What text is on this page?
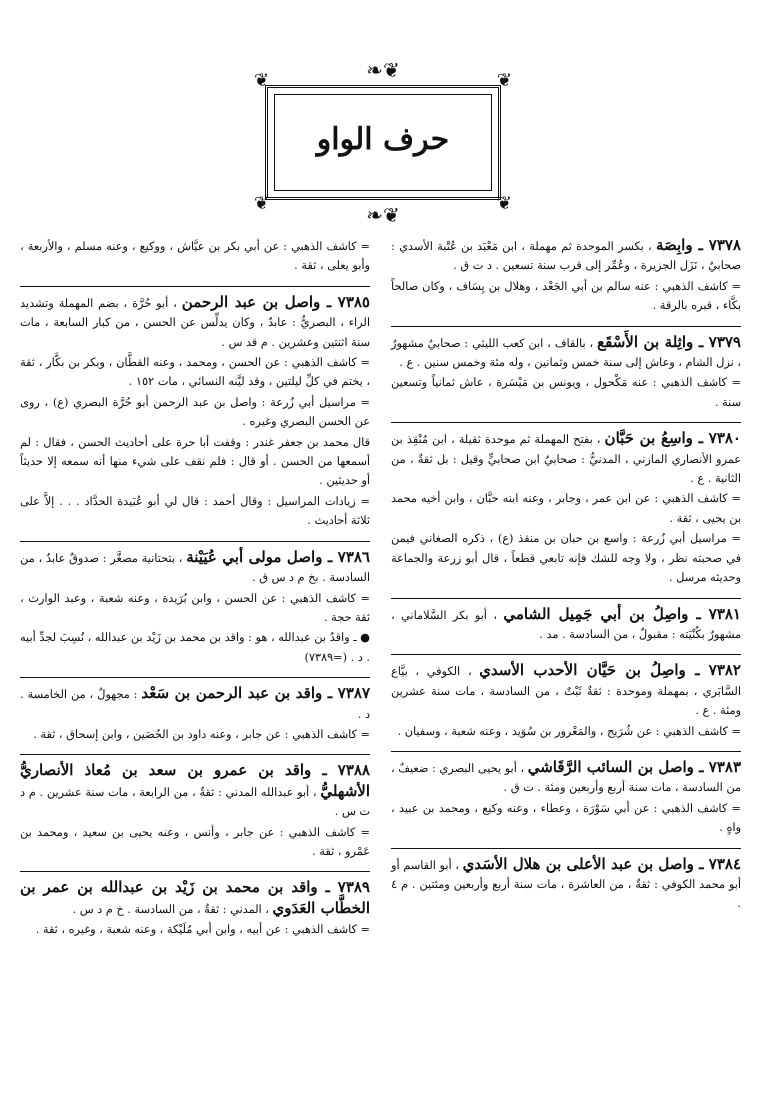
❦	❦
❦	❦
❧❦
❧❦
حرف الواو

٧٣٧٨ ـ وابِصَة ، بكسر الموحدة ثم مهملة ، ابن مَعْبَد بن عُتْبة الأسدي : صحابيٌ ، نَزَل الجزيرة ، وعُمِّر إلى قرب سنة تسعين . د ت ق .

= كاشف الذهبي : عنه سالم بن أبي الجَعْد ، وهلال بن يِسَاف ، وكان صالحاً بكَّاء ، قبره بالرقة .

٧٣٧٩ ـ واثِلة بن الأَسْقَع ، بالقاف ، ابن كعب الليثي : صحابيٌ مشهورٌ ، نزل الشام ، وعاش إلى سنة خمس وثمانين ، وله مئة وخمس سنين . ع .

= كاشف الذهبي : عنه مَكْحول ، ويونس بن مَيْسَرة ، عاش ثمانياً وتسعين سنة .

٧٣٨٠ ـ واسِعُ بن حَبَّان ، بفتح المهملة ثم موحدة ثقيلة ، ابن مُنْقِذ بن عمرو الأنصاري المازني ، المدنيُّ : صحابيٌ ابن صحابيٍّ وقيل : بل ثقةٌ ، من الثانية . ع .

= كاشف الذهبي : عن ابن عمر ، وجابر ، وعنه ابنه حبَّان ، وابن أخيه محمد بن يحيى ، ثقة .

= مراسيل أبي زُرعة : واسع بن حبان بن منقذ (ع) ، ذكره الصغاني فيمن في صحبته نظر ، ولا وجه للشك فإنه تابعي قطعاً ، قال أبو زرعة والجماعة وحديثه مرسل .

٧٣٨١ ـ واصِلُ بن أبي جَمِيل الشامي ، أبو بكر السَّلاماني ، مشهورٌ بكُنْيَته : مقبولٌ ، من السادسة . مد .

٧٣٨٢ ـ واصِلُ بن حَيَّان الأحدب الأسدي ، الكوفي ، بيَّاع السَّابَري ، بمهملة وموحدة : ثقةٌ ثَبْتٌ ، من السادسة ، مات سنة عشرين ومئة . ع .

= كاشف الذهبي : عن شُرَيح ، والمَعْرور بن سُوَيد ، وعنه شعبة ، وسفيان .

٧٣٨٣ ـ واصل بن السائب الرَّقَاشي ، أبو يحيى البصري : ضعيفٌ ، من السادسة ، مات سنة أربع وأربعين ومئة . ت ق .

= كاشف الذهبي : عن أبي سَوْرَة ، وعطاء ، وعنه وكيع ، ومحمد بن عبيد ، واهٍ .

٧٣٨٤ ـ واصل بن عبد الأعلى بن هلال الأسَدي ، أبو القاسم أو أبو محمد الكوفي : ثقةٌ ، من العاشرة ، مات سنة أربع وأربعين ومئتين . م ٤ .

= كاشف الذهبي : عن أبي بكر بن عيَّاش ، ووكيع ، وعنه مسلم ، والأربعة ، وأبو يعلى ، ثقة .

٧٣٨٥ ـ واصل بن عبد الرحمن ، أبو حُرَّة ، بضم المهملة وتشديد الراء ، البصريُّ : عابدٌ ، وكان يدلِّس عن الحسن ، من كبار السابعة ، مات سنة اثنتين وعشرين . م قد س .

= كاشف الذهبي : عن الحسن ، ومحمد ، وعنه القطَّان ، وبكر بن بكَّار ، ثقة ، يختم في كلِّ ليلتين ، وقد ليَّنه النسائي ، مات ١٥٢ .

= مراسيل أبي زُرعة : واصل بن عبد الرحمن أبو حُرَّة البصري (ع) ، روى عن الحسن البصري وغيره .

قال محمد بن جعفر غندر : وقفت أبا حرة على أحاديث الحسن ، فقال : لم أسمعها من الحسن . أو قال : فلم نقف على شيء منها أنه سمعه إلا حديثاً أو حديثين .

= زيادات المراسيل : وقال أحمد : قال لي أبو عُبَيدة الحدَّاد . . . إلاَّ على ثلاثة أحاديث .

٧٣٨٦ ـ واصل مولى أبي عُيَيْنة ، بتحتانية مصغَّر : صدوقٌ عابدٌ ، من السادسة . بخ م د س ق .

= كاشف الذهبي : عن الحسن ، وابن بُرَيدة ، وعنه شعبة ، وعبد الوارث ، ثقة حجة .

● ـ واقدُ بن عبدالله ، هو : واقد بن محمد بن زَيْد بن عبدالله ، نُسِبَ لجدِّ أبيه . د . (=٧٣٨٩)

٧٣٨٧ ـ واقد بن عبد الرحمن بن سَعْد : مجهولٌ ، من الخامسة . د .

= كاشف الذهبي : عن جابر ، وعنه داود بن الحُصَين ، وابن إسحاق ، ثقة .

٧٣٨٨ ـ واقد بن عمرو بن سعد بن مُعاذ الأنصاريُّ الأشهليُّ ، أبو عبدالله المدني : ثقةٌ ، من الرابعة ، مات سنة عشرين . م د ت س .

= كاشف الذهبي : عن جابر ، وأنس ، وعنه يحيى بن سعيد ، ومحمد بن عَمْرو ، ثقة .

٧٣٨٩ ـ واقد بن محمد بن زَيْد بن عبدالله بن عمر بن الخطَّاب العَدَوي ، المدني : ثقةٌ ، من السادسة . خ م د س .

= كاشف الذهبي : عن أبيه ، وابن أبي مُلَيْكة ، وعنه شعبة ، وغيره ، ثقة .
